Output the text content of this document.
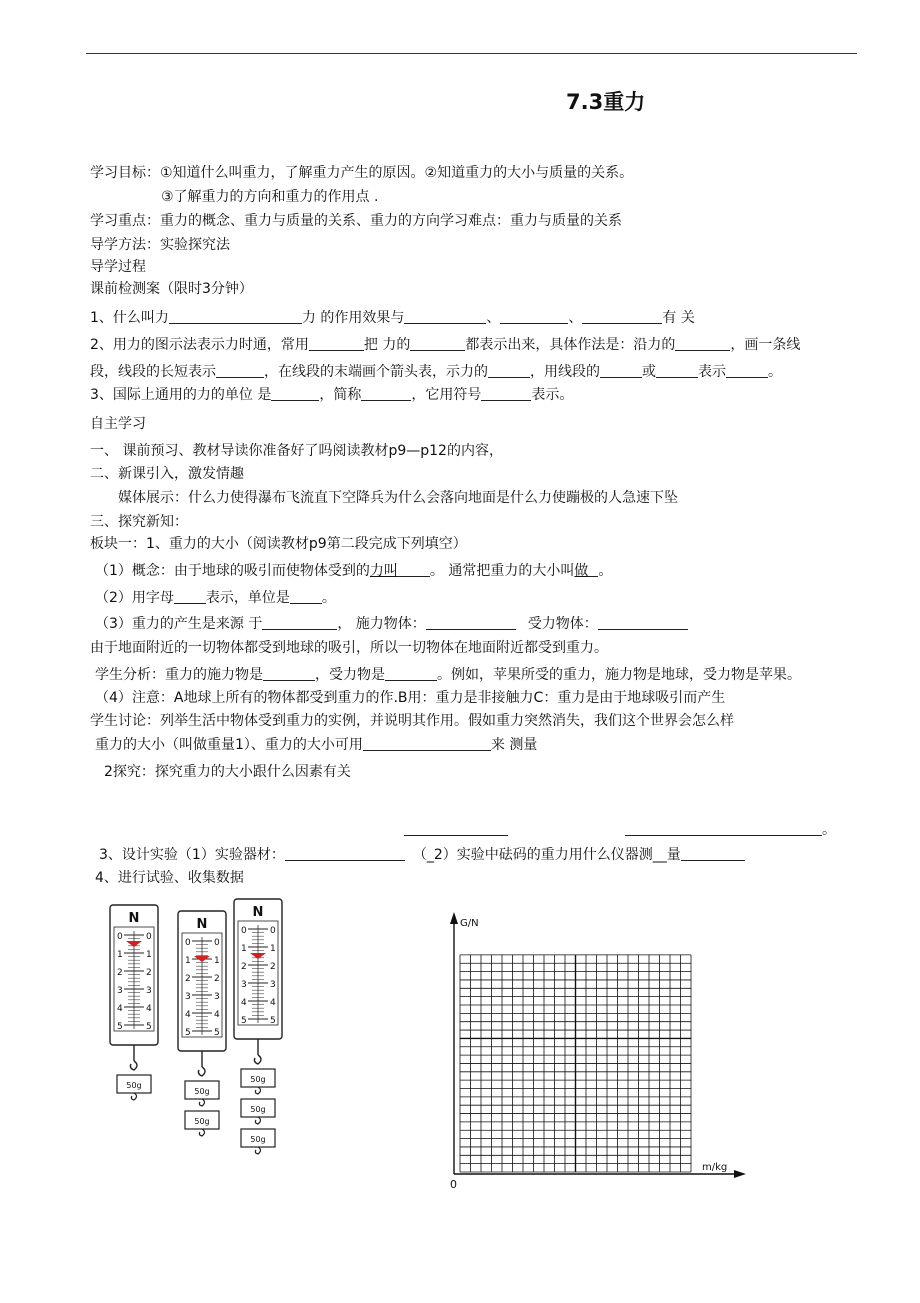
7.3重力
学习目标：①知道什么叫重力，了解重力产生的原因。②知道重力的大小与质量的关系。
③了解重力的方向和重力的作用点 .
学习重点：重力的概念、重力与质量的关系、重力的方向学习难点：重力与质量的关系
导学方法：实验探究法
导学过程
课前检测案（限时3分钟）
1、什么叫力	力 的作用效果与	、	、	有 关
2、用力的图示法表示力时通，常用	把 力的	都表示出来，具体作法是：沿力的	，画一条线
段，线段的长短表示	，在线段的末端画个箭头表，示力的	，用线段的	或	表示	。
3、国际上通用的力的单位 是	，简称	，它用符号	表示。
自主学习
一、 课前预习、教材导读你准备好了吗阅读教材p9—p12的内容，
二、新课引入，激发情趣
媒体展示：什么力使得瀑布飞流直下空降兵为什么会落向地面是什么力使蹦极的人急速下坠
三、探究新知：
板块一：1、重力的大小（阅读教材p9第二段完成下列填空）
（1）概念：由于地球的吸引而使物体受到的力叫 。 通常把重力的大小叫做 。
（2）用字母 表示，单位是 。
（3）重力的产生是来源 于	， 施力物体：	受力物体：
由于地面附近的一切物体都受到地球的吸引，所以一切物体在地面附近都受到重力。
学生分析：重力的施力物是	，受力物是	。例如，苹果所受的重力，施力物是地球，受力物是苹果。
（4）注意：A地球上所有的物体都受到重力的作.B用：重力是非接触力C：重力是由于地球吸引而产生
学生讨论：列举生活中物体受到重力的实例，并说明其作用。假如重力突然消失，我们这个世界会怎么样
重力的大小（叫做重量1）、重力的大小可用	来 测量
2探究：探究重力的大小跟什么因素有关
。
3、设计实验（1）实验器材：	（_2）实验中砝码的重力用什么仪器测__量
4、进行试验、收集数据
N
0	0
1	1
2	2
3	3
4	4
5	5
50g
N
0	0
1	1
2	2
3	3
4	4
5	5
50g
50g
N
0	0
1	1
2	2
3	3
4	4
5	5
50g
50g
50g
G/N
m/kg
0
